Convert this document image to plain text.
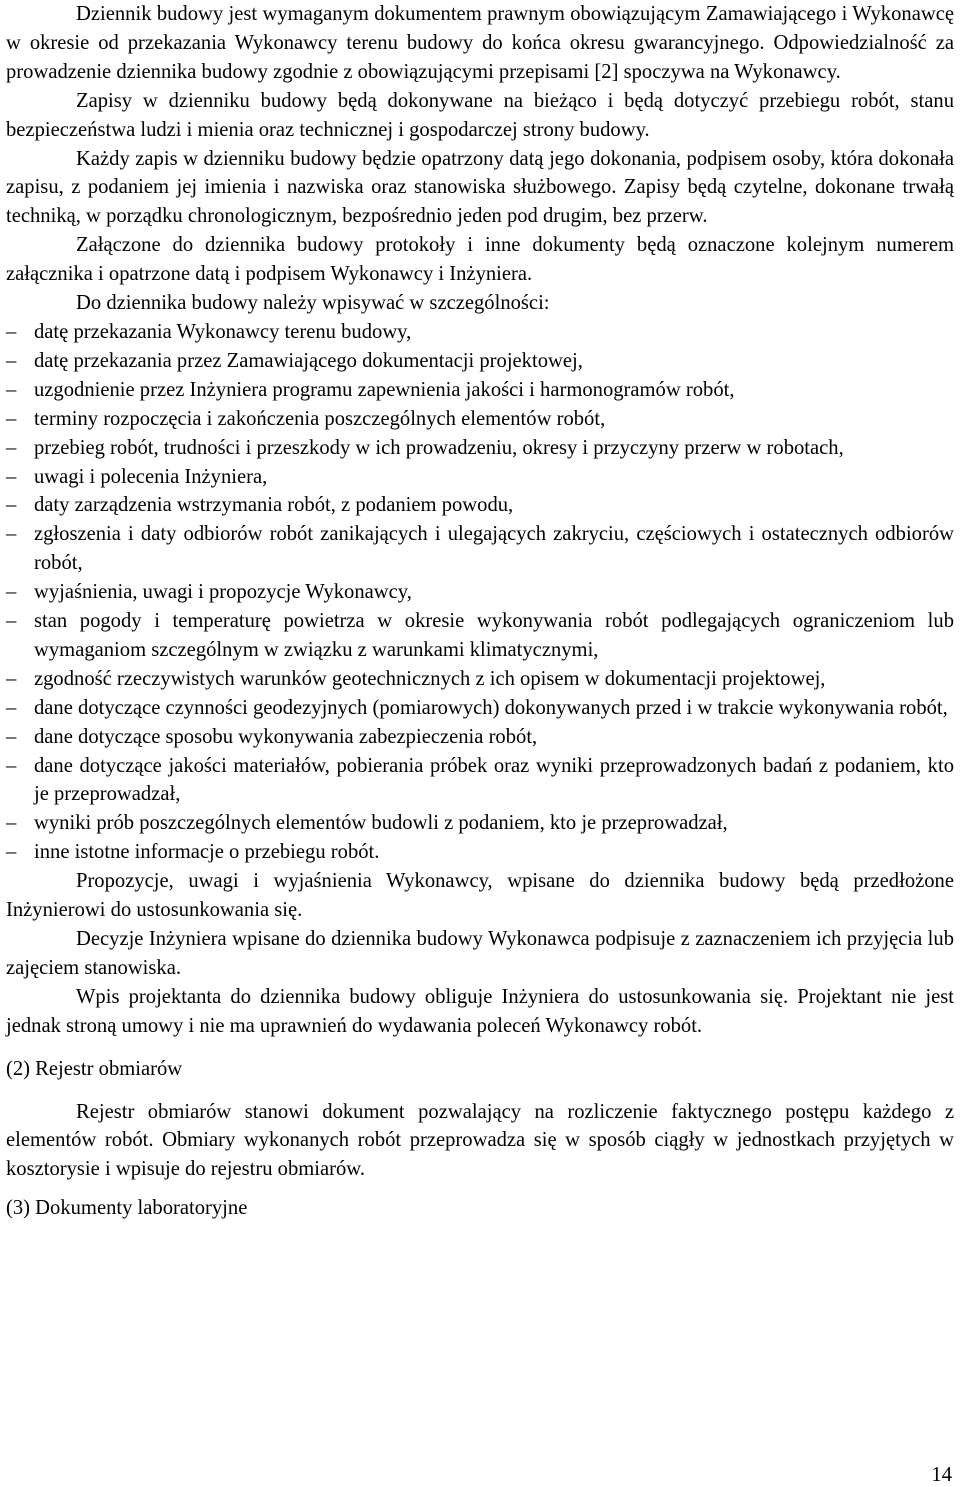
Dziennik budowy jest wymaganym dokumentem prawnym obowiązującym Zamawiającego i Wykonawcę w okresie od przekazania Wykonawcy terenu budowy do końca okresu gwarancyjnego. Odpowiedzialność za prowadzenie dziennika budowy zgodnie z obowiązującymi przepisami [2] spoczywa na Wykonawcy.

Zapisy w dzienniku budowy będą dokonywane na bieżąco i będą dotyczyć przebiegu robót, stanu bezpieczeństwa ludzi i mienia oraz technicznej i gospodarczej strony budowy.

Każdy zapis w dzienniku budowy będzie opatrzony datą jego dokonania, podpisem osoby, która dokonała zapisu, z podaniem jej imienia i nazwiska oraz stanowiska służbowego. Zapisy będą czytelne, dokonane trwałą techniką, w porządku chronologicznym, bezpośrednio jeden pod drugim, bez przerw.

Załączone do dziennika budowy protokoły i inne dokumenty będą oznaczone kolejnym numerem załącznika i opatrzone datą i podpisem Wykonawcy i Inżyniera.

Do dziennika budowy należy wpisywać w szczególności:

– datę przekazania Wykonawcy terenu budowy,
– datę przekazania przez Zamawiającego dokumentacji projektowej,
– uzgodnienie przez Inżyniera programu zapewnienia jakości i harmonogramów robót,
– terminy rozpoczęcia i zakończenia poszczególnych elementów robót,
– przebieg robót, trudności i przeszkody w ich prowadzeniu, okresy i przyczyny przerw w robotach,
– uwagi i polecenia Inżyniera,
– daty zarządzenia wstrzymania robót, z podaniem powodu,
– zgłoszenia i daty odbiorów robót zanikających i ulegających zakryciu, częściowych i ostatecznych odbiorów robót,
– wyjaśnienia, uwagi i propozycje Wykonawcy,
– stan pogody i temperaturę powietrza w okresie wykonywania robót podlegających ograniczeniom lub wymaganiom szczególnym w związku z warunkami klimatycznymi,
– zgodność rzeczywistych warunków geotechnicznych z ich opisem w dokumentacji projektowej,
– dane dotyczące czynności geodezyjnych (pomiarowych) dokonywanych przed i w trakcie wykonywania robót,
– dane dotyczące sposobu wykonywania zabezpieczenia robót,
– dane dotyczące jakości materiałów, pobierania próbek oraz wyniki przeprowadzonych badań z podaniem, kto je przeprowadzał,
– wyniki prób poszczególnych elementów budowli z podaniem, kto je przeprowadzał,
– inne istotne informacje o przebiegu robót.

Propozycje, uwagi i wyjaśnienia Wykonawcy, wpisane do dziennika budowy będą przedłożone Inżynierowi do ustosunkowania się.

Decyzje Inżyniera wpisane do dziennika budowy Wykonawca podpisuje z zaznaczeniem ich przyjęcia lub zajęciem stanowiska.

Wpis projektanta do dziennika budowy obliguje Inżyniera do ustosunkowania się. Projektant nie jest jednak stroną umowy i nie ma uprawnień do wydawania poleceń Wykonawcy robót.

(2) Rejestr obmiarów

Rejestr obmiarów stanowi dokument pozwalający na rozliczenie faktycznego postępu każdego z elementów robót. Obmiary wykonanych robót przeprowadza się w sposób ciągły w jednostkach przyjętych w kosztorysie i wpisuje do rejestru obmiarów.

(3) Dokumenty laboratoryjne

14
